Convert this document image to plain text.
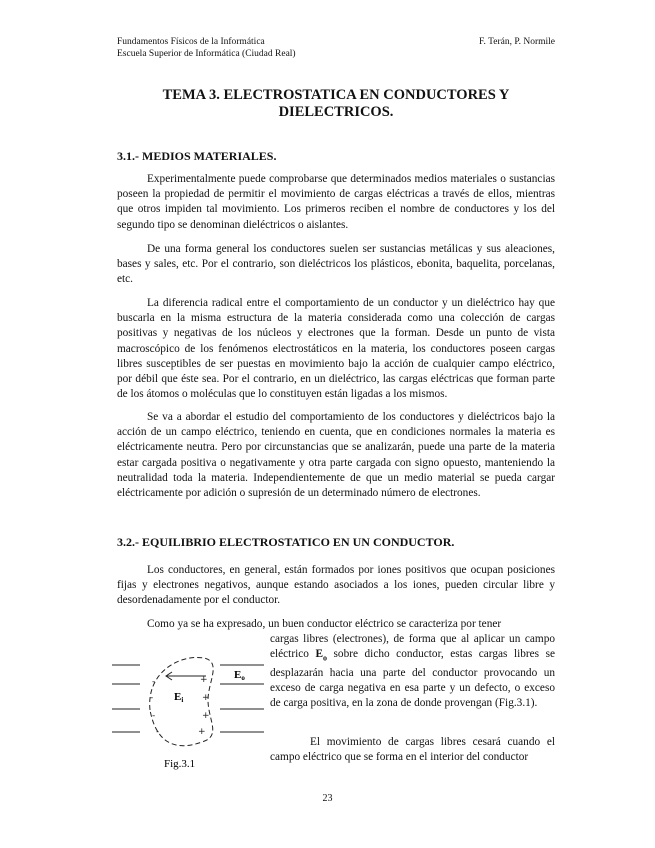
Fundamentos Físicos de la Informática
Escuela Superior de Informática (Ciudad Real)
F. Terán, P. Normile
TEMA 3. ELECTROSTATICA EN CONDUCTORES Y
DIELECTRICOS.
3.1.- MEDIOS MATERIALES.
Experimentalmente puede comprobarse que determinados medios materiales o sustancias poseen la propiedad de permitir el movimiento de cargas eléctricas a través de ellos, mientras que otros impiden tal movimiento. Los primeros reciben el nombre de conductores y los del segundo tipo se denominan dieléctricos o aislantes.
De una forma general los conductores suelen ser sustancias metálicas y sus aleaciones, bases y sales, etc. Por el contrario, son dieléctricos los plásticos, ebonita, baquelita, porcelanas, etc.
La diferencia radical entre el comportamiento de un conductor y un dieléctrico hay que buscarla en la misma estructura de la materia considerada como una colección de cargas positivas y negativas de los núcleos y electrones que la forman. Desde un punto de vista macroscópico de los fenómenos electrostáticos en la materia, los conductores poseen cargas libres susceptibles de ser puestas en movimiento bajo la acción de cualquier campo eléctrico, por débil que éste sea. Por el contrario, en un dieléctrico, las cargas eléctricas que forman parte de los átomos o moléculas que lo constituyen están ligadas a los mismos.
Se va a abordar el estudio del comportamiento de los conductores y dieléctricos bajo la acción de un campo eléctrico, teniendo en cuenta, que en condiciones normales la materia es eléctricamente neutra. Pero por circunstancias que se analizarán, puede una parte de la materia estar cargada positiva o negativamente y otra parte cargada con signo opuesto, manteniendo la neutralidad toda la materia. Independientemente de que un medio material se pueda cargar eléctricamente por adición o supresión de un determinado número de electrones.
3.2.- EQUILIBRIO ELECTROSTATICO EN UN CONDUCTOR.
Los conductores, en general, están formados por iones positivos que ocupan posiciones fijas y electrones negativos, aunque estando asociados a los iones, pueden circular libre y desordenadamente por el conductor.
Como ya se ha expresado, un buen conductor eléctrico se caracteriza por tener
cargas libres (electrones), de forma que al aplicar un campo eléctrico $E_o$ sobre dicho conductor, estas cargas libres se desplazarán hacia una parte del conductor provocando un exceso de carga negativa en esa parte y un defecto, o exceso de carga positiva, en la zona de donde provengan (Fig.3.1).
El movimiento de cargas libres cesará cuando el campo eléctrico que se forma en el interior del conductor
-
-
-
-
+
+
+
+
Ei
Eo
Fig.3.1
23
